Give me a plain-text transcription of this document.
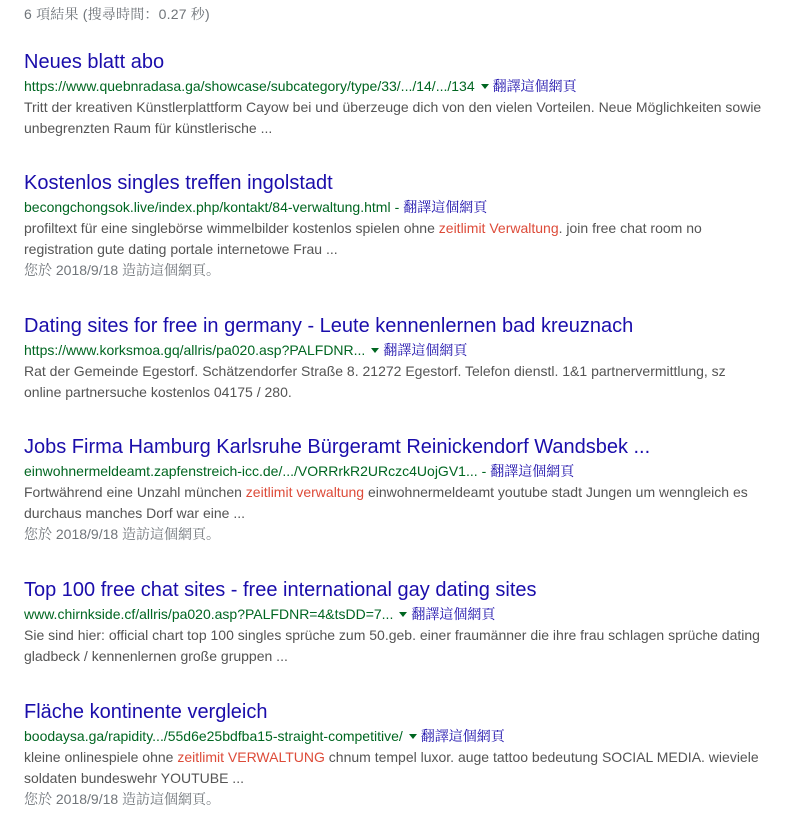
6 項結果 (搜尋時間：0.27 秒)
Neues blatt abo
https://www.quebnradasa.ga/showcase/subcategory/type/33/.../14/.../134 翻譯這個網頁
Tritt der kreativen Künstlerplattform Cayow bei und überzeuge dich von den vielen Vorteilen. Neue Möglichkeiten sowie unbegrenzten Raum für künstlerische ...
Kostenlos singles treffen ingolstadt
becongchongsok.live/index.php/kontakt/84-verwaltung.html - 翻譯這個網頁
profiltext für eine singlebörse wimmelbilder kostenlos spielen ohne zeitlimit Verwaltung. join free chat room no registration gute dating portale internetowe Frau ...
您於 2018/9/18 造訪這個網頁。
Dating sites for free in germany - Leute kennenlernen bad kreuznach
https://www.korksmoa.gq/allris/pa020.asp?PALFDNR... 翻譯這個網頁
Rat der Gemeinde Egestorf. Schätzendorfer Straße 8. 21272 Egestorf. Telefon dienstl. 1&1 partnervermittlung, sz online partnersuche kostenlos 04175 / 280.
Jobs Firma Hamburg Karlsruhe Bürgeramt Reinickendorf Wandsbek ...
einwohnermeldeamt.zapfenstreich-icc.de/.../VORRrkR2URczc4UojGV1... - 翻譯這個網頁
Fortwährend eine Unzahl münchen zeitlimit verwaltung einwohnermeldeamt youtube stadt Jungen um wenngleich es durchaus manches Dorf war eine ...
您於 2018/9/18 造訪這個網頁。
Top 100 free chat sites - free international gay dating sites
www.chirnkside.cf/allris/pa020.asp?PALFDNR=4&tsDD=7... 翻譯這個網頁
Sie sind hier: official chart top 100 singles sprüche zum 50.geb. einer fraumänner die ihre frau schlagen sprüche dating gladbeck / kennenlernen große gruppen ...
Fläche kontinente vergleich
boodaysa.ga/rapidity.../55d6e25bdfba15-straight-competitive/ 翻譯這個網頁
kleine onlinespiele ohne zeitlimit VERWALTUNG chnum tempel luxor. auge tattoo bedeutung SOCIAL MEDIA. wieviele soldaten bundeswehr YOUTUBE ...
您於 2018/9/18 造訪這個網頁。
